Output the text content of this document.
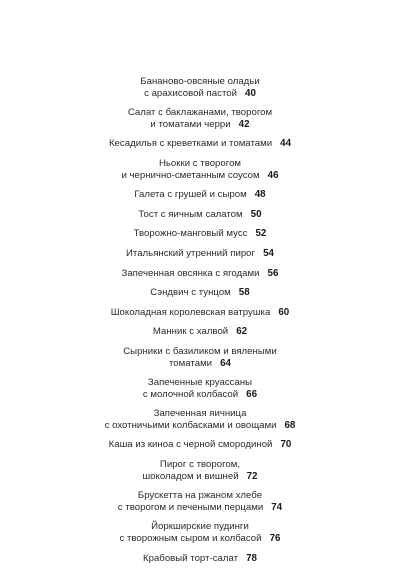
Бананово-овсяные оладьи
с арахисовой пастой 40
Салат с баклажанами, творогом
и томатами черри 42
Кесадилья с креветками и томатами 44
Ньокки с творогом
и чернично-сметанным соусом 46
Галета с грушей и сыром 48
Тост с яичным салатом 50
Творожно-манговый мусс 52
Итальянский утренний пирог 54
Запеченная овсянка с ягодами 56
Сэндвич с тунцом 58
Шоколадная королевская ватрушка 60
Манник с халвой 62
Сырники с базиликом и вялеными
томатами 64
Запеченные круассаны
с молочной колбасой 66
Запеченная яичница
с охотничьими колбасками и овощами 68
Каша из киноа с черной смородиной 70
Пирог с творогом,
шоколадом и вишней 72
Брускетта на ржаном хлебе
с творогом и печеными перцами 74
Йоркширские пудинги
с творожным сыром и колбасой 76
Крабовый торт-салат 78
